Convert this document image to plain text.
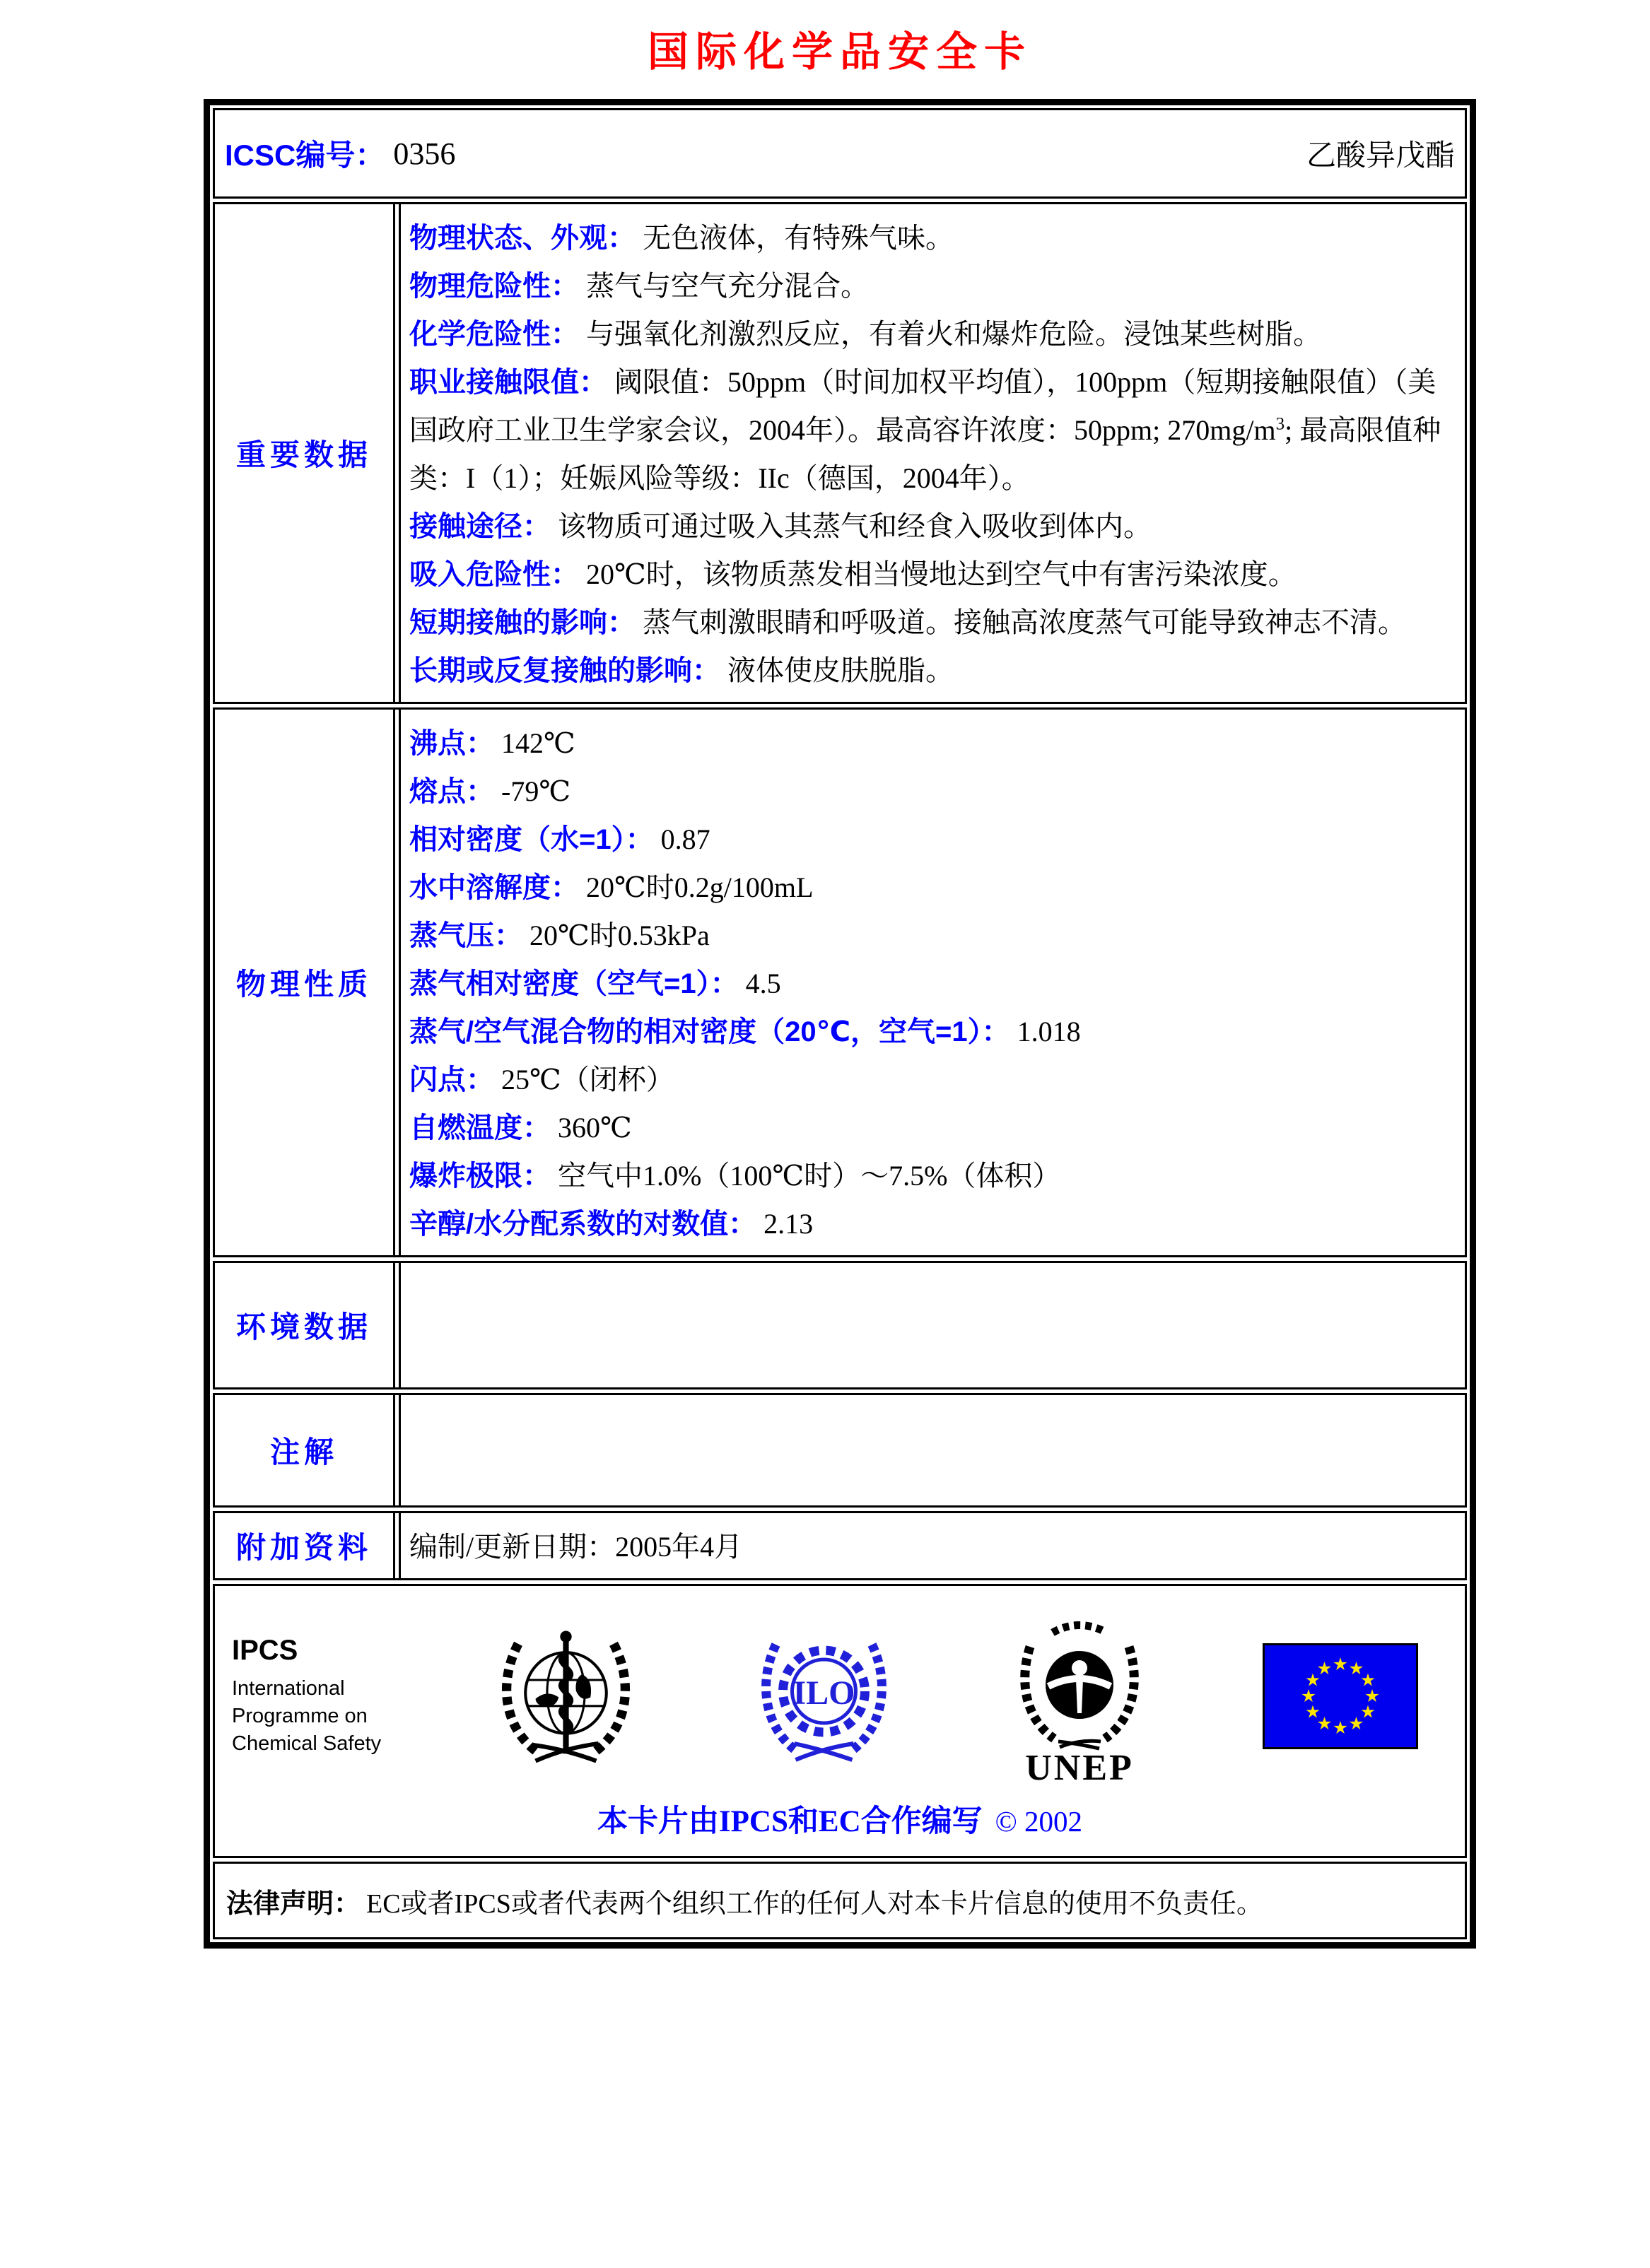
国际化学品安全卡
ICSC编号： 0356	乙酸异戊酯
重要数据
物理状态、外观： 无色液体，有特殊气味。
物理危险性： 蒸气与空气充分混合。
化学危险性： 与强氧化剂激烈反应，有着火和爆炸危险。浸蚀某些树脂。
职业接触限值： 阈限值：50ppm（时间加权平均值），100ppm（短期接触限值）（美国政府工业卫生学家会议，2004年）。最高容许浓度：50ppm; $270mg/m^3$; 最高限值种类：I（1）；妊娠风险等级：IIc（德国，2004年）。
接触途径： 该物质可通过吸入其蒸气和经食入吸收到体内。
吸入危险性： 20℃时，该物质蒸发相当慢地达到空气中有害污染浓度。
短期接触的影响： 蒸气刺激眼睛和呼吸道。接触高浓度蒸气可能导致神志不清。
长期或反复接触的影响： 液体使皮肤脱脂。
物理性质
沸点： 142℃
熔点： -79℃
相对密度（水=1）： 0.87
水中溶解度： 20℃时0.2g/100mL
蒸气压： 20℃时0.53kPa
蒸气相对密度（空气=1）： 4.5
蒸气/空气混合物的相对密度（20℃，空气=1）： 1.018
闪点： 25℃（闭杯）
自燃温度： 360℃
爆炸极限： 空气中1.0%（100℃时）～7.5%（体积）
辛醇/水分配系数的对数值： 2.13
环境数据
注解
附加资料	编制/更新日期：2005年4月
IPCS
International
Programme on
Chemical Safety
ILO
UNEP
本卡片由IPCS和EC合作编写 © 2002
法律声明： EC或者IPCS或者代表两个组织工作的任何人对本卡片信息的使用不负责任。
